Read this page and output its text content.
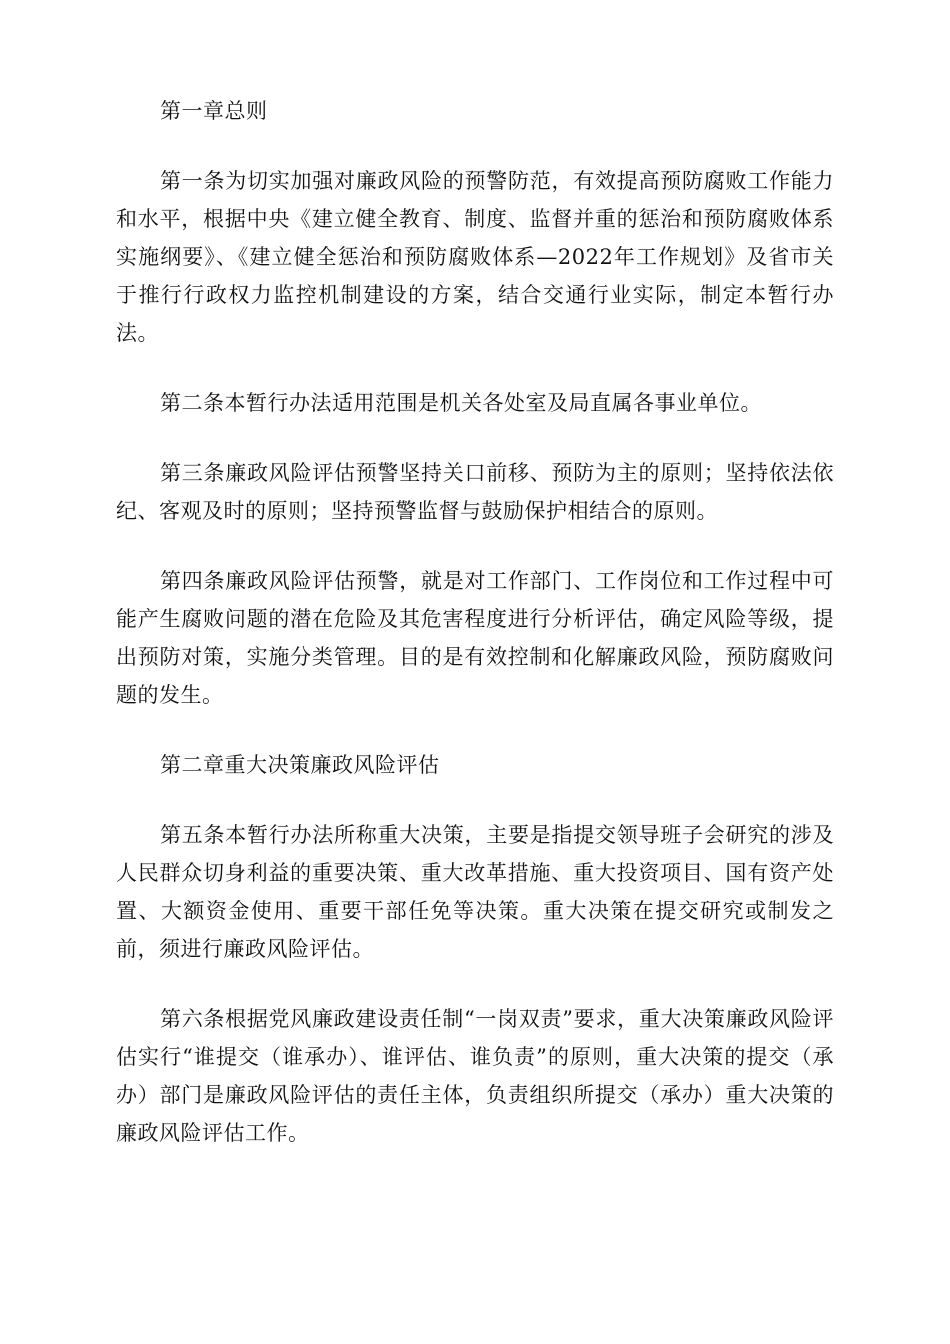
第一章总则

第一条为切实加强对廉政风险的预警防范，有效提高预防腐败工作能力和水平，根据中央《建立健全教育、制度、监督并重的惩治和预防腐败体系实施纲要》、《建立健全惩治和预防腐败体系—2022年工作规划》及省市关于推行行政权力监控机制建设的方案，结合交通行业实际，制定本暂行办法。

第二条本暂行办法适用范围是机关各处室及局直属各事业单位。

第三条廉政风险评估预警坚持关口前移、预防为主的原则；坚持依法依纪、客观及时的原则；坚持预警监督与鼓励保护相结合的原则。

第四条廉政风险评估预警，就是对工作部门、工作岗位和工作过程中可能产生腐败问题的潜在危险及其危害程度进行分析评估，确定风险等级，提出预防对策，实施分类管理。目的是有效控制和化解廉政风险，预防腐败问题的发生。

第二章重大决策廉政风险评估

第五条本暂行办法所称重大决策，主要是指提交领导班子会研究的涉及人民群众切身利益的重要决策、重大改革措施、重大投资项目、国有资产处置、大额资金使用、重要干部任免等决策。重大决策在提交研究或制发之前，须进行廉政风险评估。

第六条根据党风廉政建设责任制“一岗双责”要求，重大决策廉政风险评估实行“谁提交（谁承办）、谁评估、谁负责”的原则，重大决策的提交（承办）部门是廉政风险评估的责任主体，负责组织所提交（承办）重大决策的廉政风险评估工作。
